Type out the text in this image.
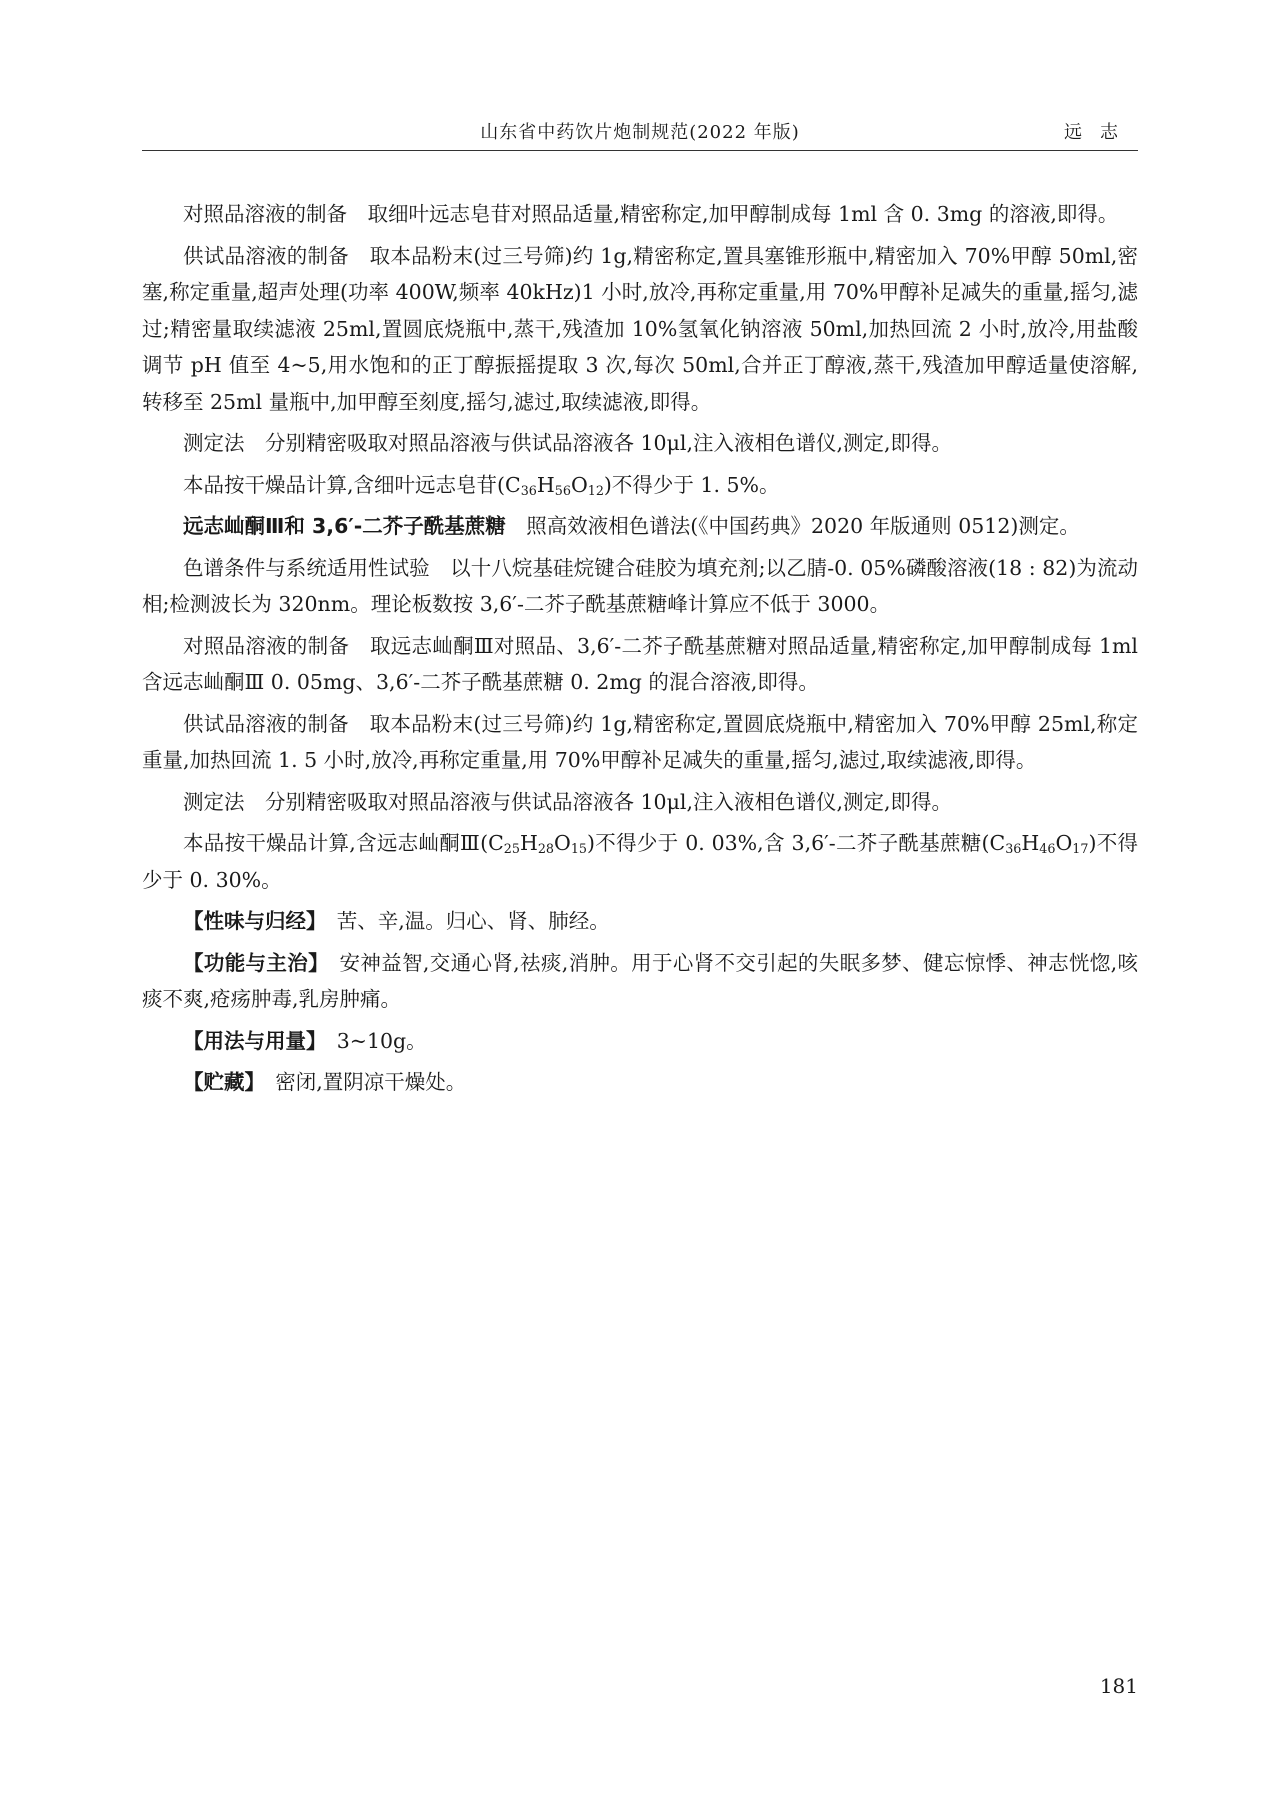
山东省中药饮片炮制规范(2022 年版)	远志

对照品溶液的制备　取细叶远志皂苷对照品适量,精密称定,加甲醇制成每 1ml 含 0. 3mg 的溶液,即得。

供试品溶液的制备　取本品粉末(过三号筛)约 1g,精密称定,置具塞锥形瓶中,精密加入 70%甲醇 50ml,密塞,称定重量,超声处理(功率 400W,频率 40kHz)1 小时,放冷,再称定重量,用 70%甲醇补足减失的重量,摇匀,滤过;精密量取续滤液 25ml,置圆底烧瓶中,蒸干,残渣加 10%氢氧化钠溶液 50ml,加热回流 2 小时,放冷,用盐酸调节 pH 值至 4~5,用水饱和的正丁醇振摇提取 3 次,每次 50ml,合并正丁醇液,蒸干,残渣加甲醇适量使溶解,转移至 25ml 量瓶中,加甲醇至刻度,摇匀,滤过,取续滤液,即得。

测定法　分别精密吸取对照品溶液与供试品溶液各 10μl,注入液相色谱仪,测定,即得。

本品按干燥品计算,含细叶远志皂苷$(C_{36}H_{56}O_{12})$不得少于 1. 5%。

远志屾酮Ⅲ和 3,6′-二芥子酰基蔗糖　照高效液相色谱法(《中国药典》2020 年版通则 0512)测定。

色谱条件与系统适用性试验　以十八烷基硅烷键合硅胶为填充剂;以乙腈-0. 05%磷酸溶液(18 : 82)为流动相;检测波长为 320nm。理论板数按 3,6′-二芥子酰基蔗糖峰计算应不低于 3000。

对照品溶液的制备　取远志屾酮Ⅲ对照品、3,6′-二芥子酰基蔗糖对照品适量,精密称定,加甲醇制成每 1ml 含远志屾酮Ⅲ 0. 05mg、3,6′-二芥子酰基蔗糖 0. 2mg 的混合溶液,即得。

供试品溶液的制备　取本品粉末(过三号筛)约 1g,精密称定,置圆底烧瓶中,精密加入 70%甲醇 25ml,称定重量,加热回流 1. 5 小时,放冷,再称定重量,用 70%甲醇补足减失的重量,摇匀,滤过,取续滤液,即得。

测定法　分别精密吸取对照品溶液与供试品溶液各 10μl,注入液相色谱仪,测定,即得。

本品按干燥品计算,含远志屾酮$Ⅲ(C_{25}H_{28}O_{15})$不得少于 0. 03%,含 3,6′-二芥子酰基蔗糖$(C_{36}H_{46}O_{17})$不得少于 0. 30%。

【性味与归经】　苦、辛,温。归心、肾、肺经。

【功能与主治】　安神益智,交通心肾,祛痰,消肿。用于心肾不交引起的失眠多梦、健忘惊悸、神志恍惚,咳痰不爽,疮疡肿毒,乳房肿痛。

【用法与用量】　3~10g。

【贮藏】　密闭,置阴凉干燥处。

181
